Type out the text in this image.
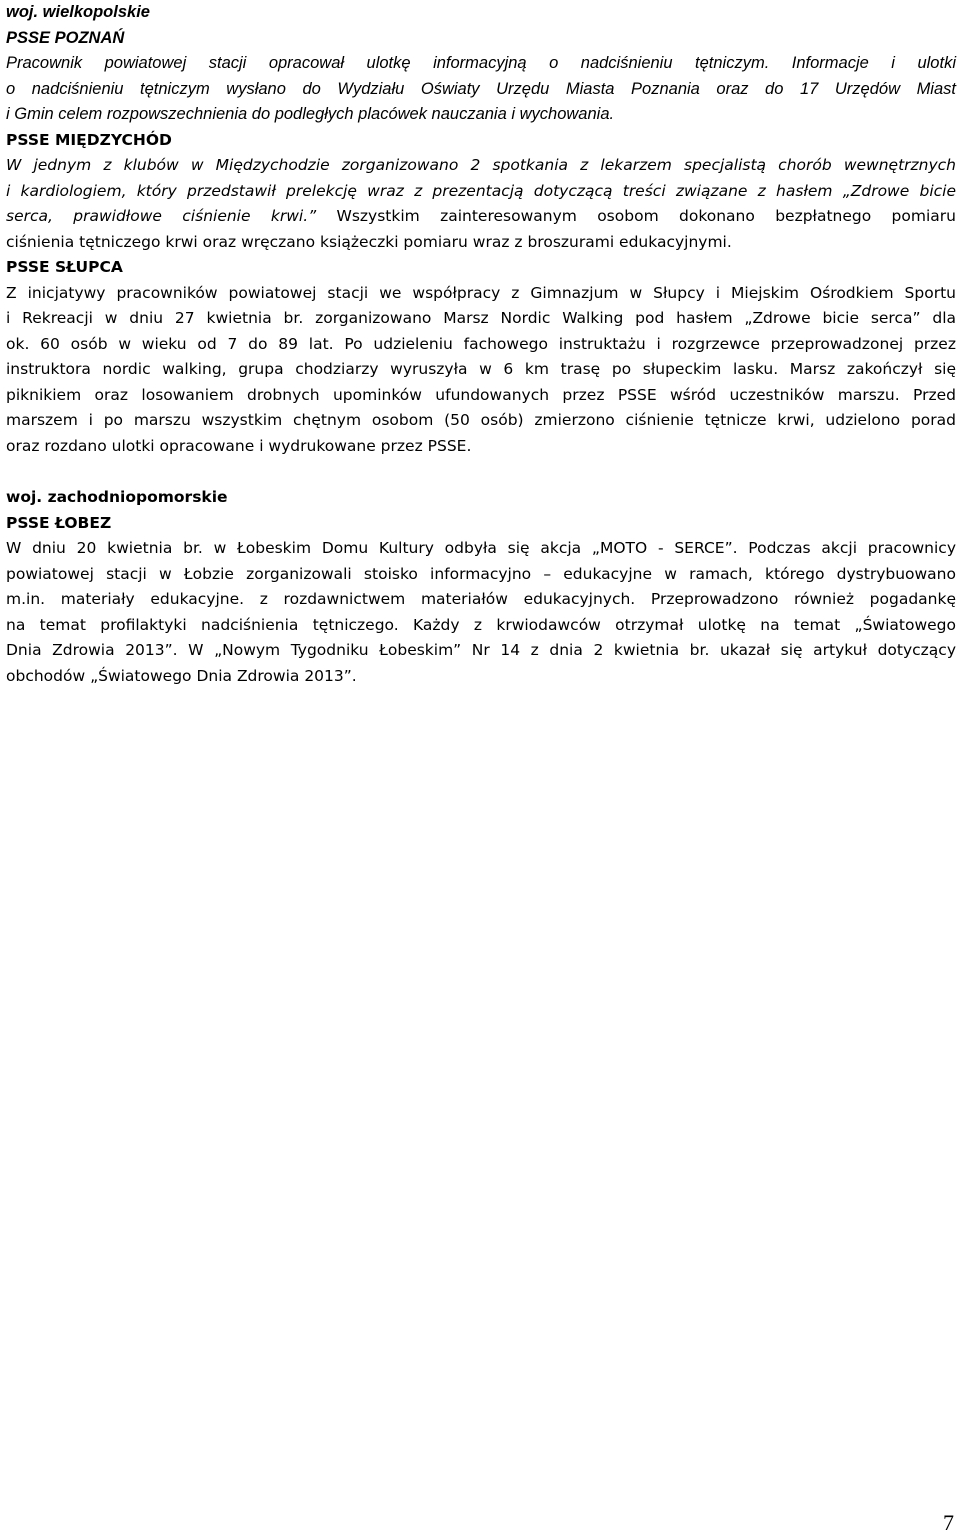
woj. wielkopolskie
PSSE POZNAŃ
Pracownik powiatowej stacji opracował ulotkę informacyjną o nadciśnieniu tętniczym. Informacje i ulotki
o nadciśnieniu tętniczym wysłano do Wydziału Oświaty Urzędu Miasta Poznania oraz do 17 Urzędów Miast
i Gmin celem rozpowszechnienia do podległych placówek nauczania i wychowania.
PSSE MIĘDZYCHÓD
W jednym z klubów w Międzychodzie zorganizowano 2 spotkania z lekarzem specjalistą chorób wewnętrznych
i kardiologiem, który przedstawił prelekcję wraz z prezentacją dotyczącą treści związane z hasłem „Zdrowe bicie
serca, prawidłowe ciśnienie krwi.” Wszystkim zainteresowanym osobom dokonano bezpłatnego pomiaru
ciśnienia tętniczego krwi oraz wręczano książeczki pomiaru wraz z broszurami edukacyjnymi.
PSSE SŁUPCA
Z inicjatywy pracowników powiatowej stacji we współpracy z Gimnazjum w Słupcy i Miejskim Ośrodkiem Sportu
i Rekreacji w dniu 27 kwietnia br. zorganizowano Marsz Nordic Walking pod hasłem „Zdrowe bicie serca” dla
ok. 60 osób w wieku od 7 do 89 lat. Po udzieleniu fachowego instruktażu i rozgrzewce przeprowadzonej przez
instruktora nordic walking, grupa chodziarzy wyruszyła w 6 km trasę po słupeckim lasku. Marsz zakończył się
piknikiem oraz losowaniem drobnych upominków ufundowanych przez PSSE wśród uczestników marszu. Przed
marszem i po marszu wszystkim chętnym osobom (50 osób) zmierzono ciśnienie tętnicze krwi, udzielono porad
oraz rozdano ulotki opracowane i wydrukowane przez PSSE.
woj. zachodniopomorskie
PSSE ŁOBEZ
W dniu 20 kwietnia br. w Łobeskim Domu Kultury odbyła się akcja „MOTO - SERCE”. Podczas akcji pracownicy
powiatowej stacji w Łobzie zorganizowali stoisko informacyjno – edukacyjne w ramach, którego dystrybuowano
m.in. materiały edukacyjne. z rozdawnictwem materiałów edukacyjnych. Przeprowadzono również pogadankę
na temat profilaktyki nadciśnienia tętniczego. Każdy z krwiodawców otrzymał ulotkę na temat „Światowego
Dnia Zdrowia 2013”. W „Nowym Tygodniku Łobeskim” Nr 14 z dnia 2 kwietnia br. ukazał się artykuł dotyczący
obchodów „Światowego Dnia Zdrowia 2013”.
7
